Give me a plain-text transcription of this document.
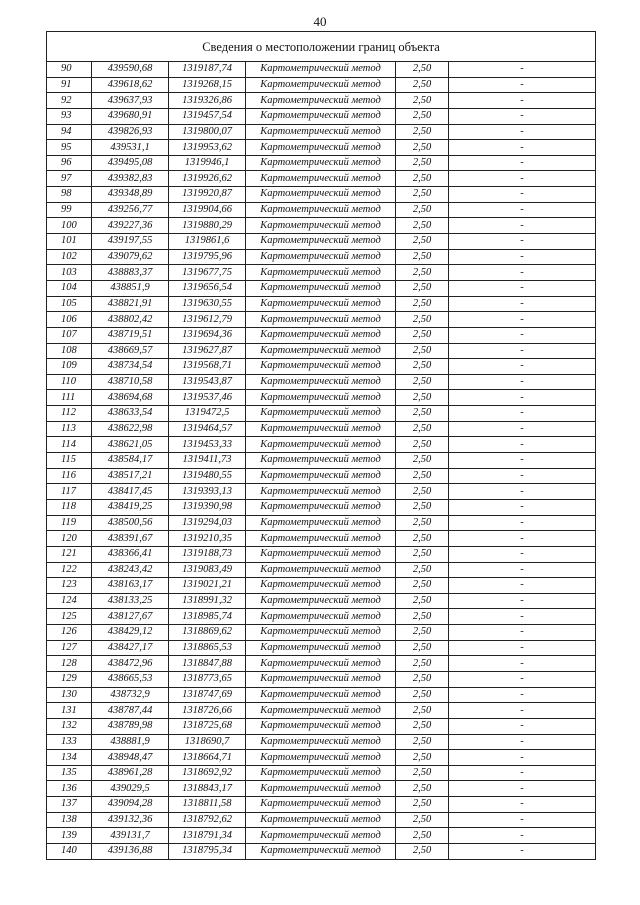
40
Сведения о местоположении границ объекта					
90	439590,68	1319187,74	Картометрический метод	2,50	-
91	439618,62	1319268,15	Картометрический метод	2,50	-
92	439637,93	1319326,86	Картометрический метод	2,50	-
93	439680,91	1319457,54	Картометрический метод	2,50	-
94	439826,93	1319800,07	Картометрический метод	2,50	-
95	439531,1	1319953,62	Картометрический метод	2,50	-
96	439495,08	1319946,1	Картометрический метод	2,50	-
97	439382,83	1319926,62	Картометрический метод	2,50	-
98	439348,89	1319920,87	Картометрический метод	2,50	-
99	439256,77	1319904,66	Картометрический метод	2,50	-
100	439227,36	1319880,29	Картометрический метод	2,50	-
101	439197,55	1319861,6	Картометрический метод	2,50	-
102	439079,62	1319795,96	Картометрический метод	2,50	-
103	438883,37	1319677,75	Картометрический метод	2,50	-
104	438851,9	1319656,54	Картометрический метод	2,50	-
105	438821,91	1319630,55	Картометрический метод	2,50	-
106	438802,42	1319612,79	Картометрический метод	2,50	-
107	438719,51	1319694,36	Картометрический метод	2,50	-
108	438669,57	1319627,87	Картометрический метод	2,50	-
109	438734,54	1319568,71	Картометрический метод	2,50	-
110	438710,58	1319543,87	Картометрический метод	2,50	-
111	438694,68	1319537,46	Картометрический метод	2,50	-
112	438633,54	1319472,5	Картометрический метод	2,50	-
113	438622,98	1319464,57	Картометрический метод	2,50	-
114	438621,05	1319453,33	Картометрический метод	2,50	-
115	438584,17	1319411,73	Картометрический метод	2,50	-
116	438517,21	1319480,55	Картометрический метод	2,50	-
117	438417,45	1319393,13	Картометрический метод	2,50	-
118	438419,25	1319390,98	Картометрический метод	2,50	-
119	438500,56	1319294,03	Картометрический метод	2,50	-
120	438391,67	1319210,35	Картометрический метод	2,50	-
121	438366,41	1319188,73	Картометрический метод	2,50	-
122	438243,42	1319083,49	Картометрический метод	2,50	-
123	438163,17	1319021,21	Картометрический метод	2,50	-
124	438133,25	1318991,32	Картометрический метод	2,50	-
125	438127,67	1318985,74	Картометрический метод	2,50	-
126	438429,12	1318869,62	Картометрический метод	2,50	-
127	438427,17	1318865,53	Картометрический метод	2,50	-
128	438472,96	1318847,88	Картометрический метод	2,50	-
129	438665,53	1318773,65	Картометрический метод	2,50	-
130	438732,9	1318747,69	Картометрический метод	2,50	-
131	438787,44	1318726,66	Картометрический метод	2,50	-
132	438789,98	1318725,68	Картометрический метод	2,50	-
133	438881,9	1318690,7	Картометрический метод	2,50	-
134	438948,47	1318664,71	Картометрический метод	2,50	-
135	438961,28	1318692,92	Картометрический метод	2,50	-
136	439029,5	1318843,17	Картометрический метод	2,50	-
137	439094,28	1318811,58	Картометрический метод	2,50	-
138	439132,36	1318792,62	Картометрический метод	2,50	-
139	439131,7	1318791,34	Картометрический метод	2,50	-
140	439136,88	1318795,34	Картометрический метод	2,50	-
